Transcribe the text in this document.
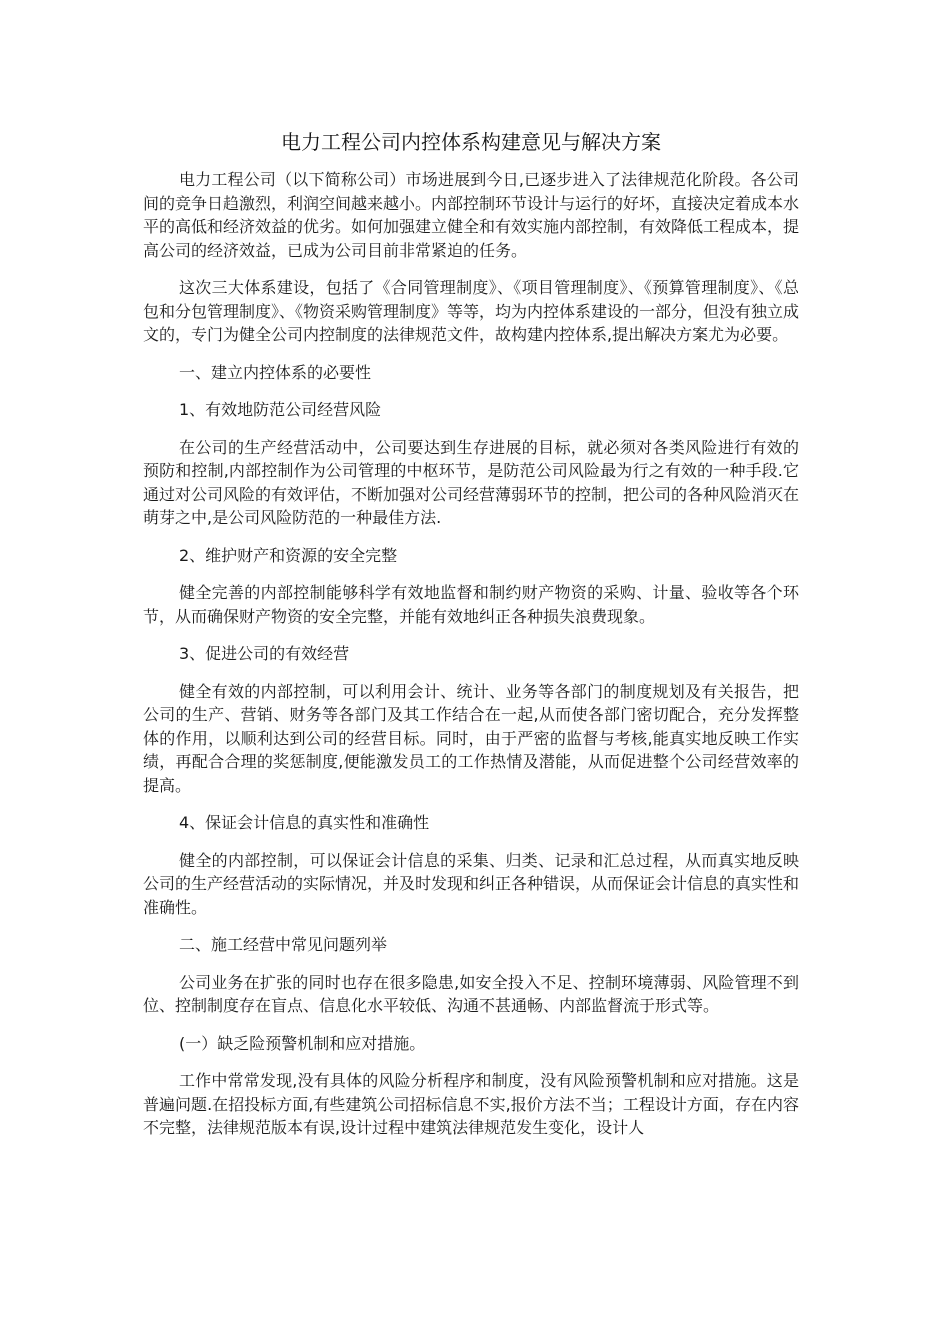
电力工程公司内控体系构建意见与解决方案

电力工程公司（以下简称公司）市场进展到今日,已逐步进入了法律规范化阶段。各公司间的竞争日趋激烈，利润空间越来越小。内部控制环节设计与运行的好坏，直接决定着成本水平的高低和经济效益的优劣。如何加强建立健全和有效实施内部控制，有效降低工程成本，提高公司的经济效益，已成为公司目前非常紧迫的任务。

这次三大体系建设，包括了《合同管理制度》、《项目管理制度》、《预算管理制度》、《总包和分包管理制度》、《物资采购管理制度》等等，均为内控体系建设的一部分，但没有独立成文的，专门为健全公司内控制度的法律规范文件，故构建内控体系,提出解决方案尤为必要。

一、建立内控体系的必要性

1、有效地防范公司经营风险

在公司的生产经营活动中，公司要达到生存进展的目标，就必须对各类风险进行有效的预防和控制,内部控制作为公司管理的中枢环节，是防范公司风险最为行之有效的一种手段.它通过对公司风险的有效评估，不断加强对公司经营薄弱环节的控制，把公司的各种风险消灭在萌芽之中,是公司风险防范的一种最佳方法.

2、维护财产和资源的安全完整

健全完善的内部控制能够科学有效地监督和制约财产物资的采购、计量、验收等各个环节，从而确保财产物资的安全完整，并能有效地纠正各种损失浪费现象。

3、促进公司的有效经营

健全有效的内部控制，可以利用会计、统计、业务等各部门的制度规划及有关报告，把公司的生产、营销、财务等各部门及其工作结合在一起,从而使各部门密切配合，充分发挥整体的作用，以顺利达到公司的经营目标。同时，由于严密的监督与考核,能真实地反映工作实绩，再配合合理的奖惩制度,便能激发员工的工作热情及潜能，从而促进整个公司经营效率的提高。

4、保证会计信息的真实性和准确性

健全的内部控制，可以保证会计信息的采集、归类、记录和汇总过程，从而真实地反映公司的生产经营活动的实际情况，并及时发现和纠正各种错误，从而保证会计信息的真实性和准确性。

二、施工经营中常见问题列举

公司业务在扩张的同时也存在很多隐患,如安全投入不足、控制环境薄弱、风险管理不到位、控制制度存在盲点、信息化水平较低、沟通不甚通畅、内部监督流于形式等。

(一）缺乏险预警机制和应对措施。

工作中常常发现,没有具体的风险分析程序和制度，没有风险预警机制和应对措施。这是普遍问题.在招投标方面,有些建筑公司招标信息不实,报价方法不当；工程设计方面，存在内容不完整，法律规范版本有误,设计过程中建筑法律规范发生变化，设计人
